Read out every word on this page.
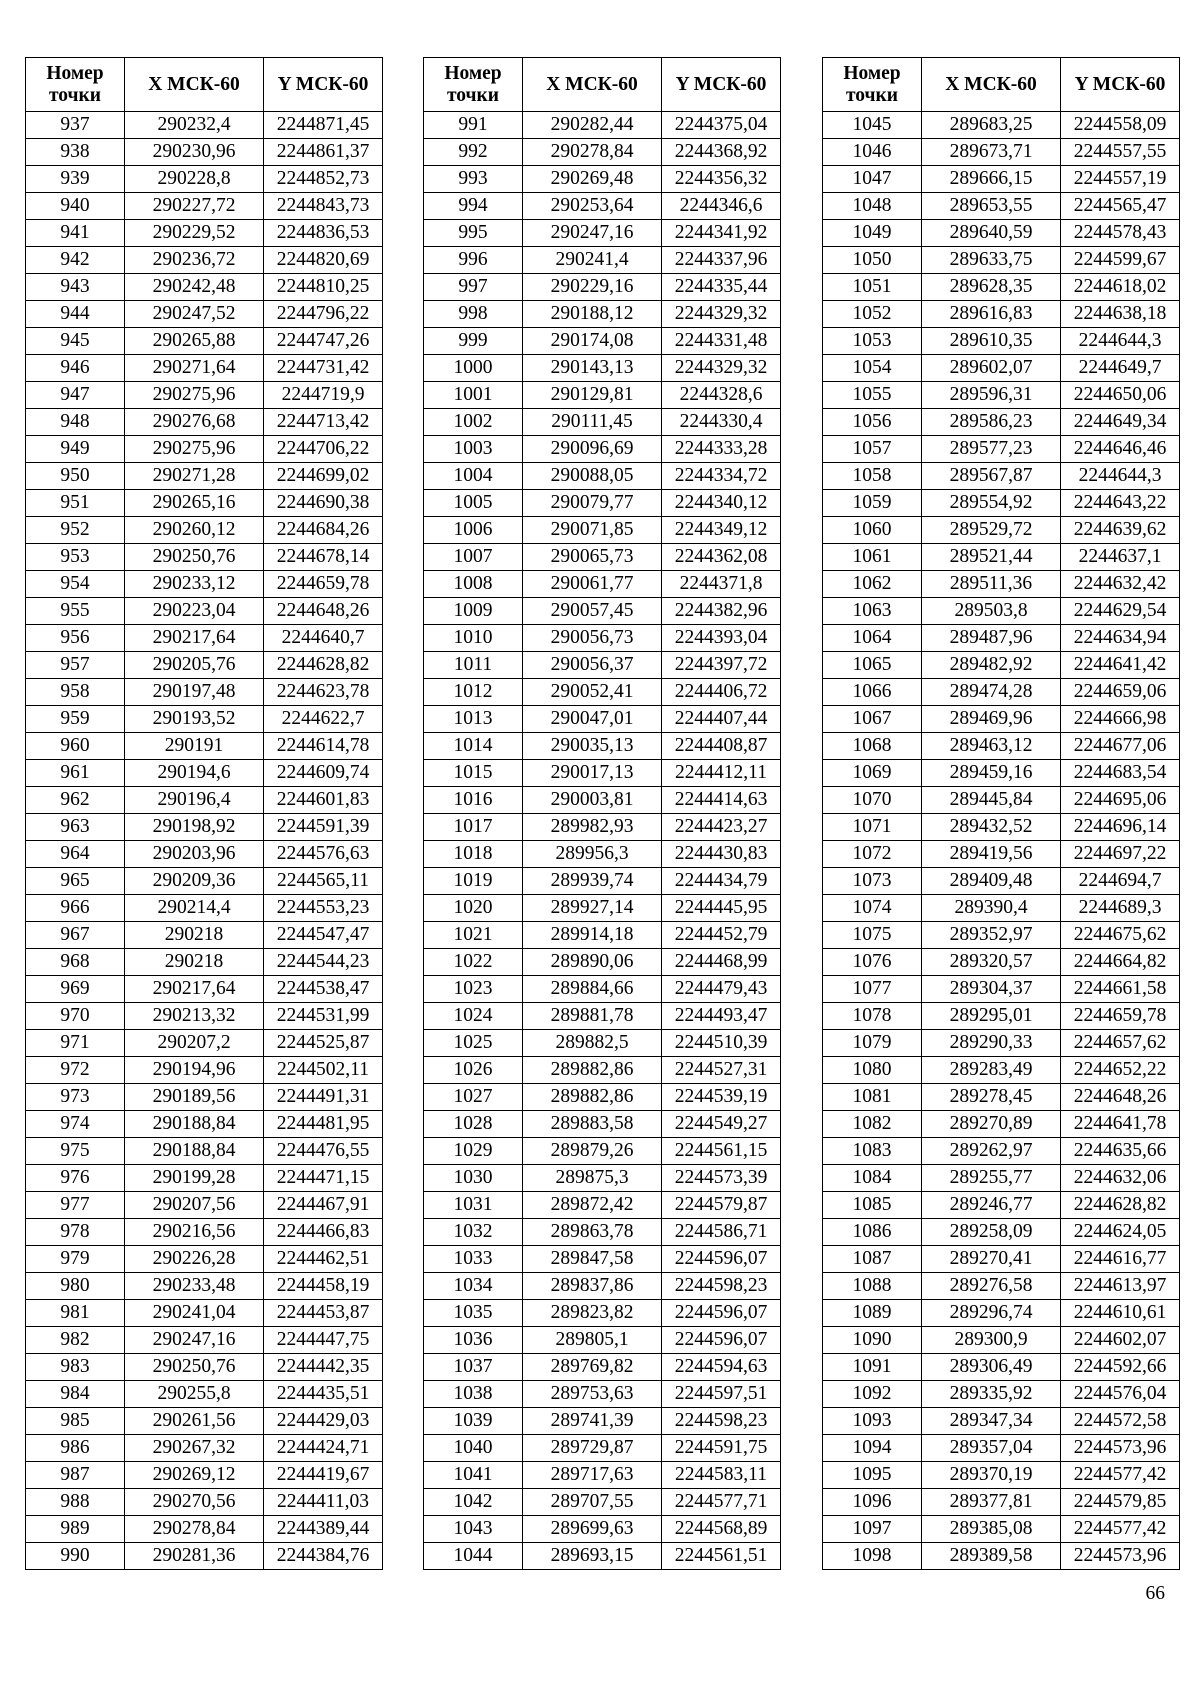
Номер точки	X МСК-60	Y МСК-60
937	290232,4	2244871,45
938	290230,96	2244861,37
939	290228,8	2244852,73
940	290227,72	2244843,73
941	290229,52	2244836,53
942	290236,72	2244820,69
943	290242,48	2244810,25
944	290247,52	2244796,22
945	290265,88	2244747,26
946	290271,64	2244731,42
947	290275,96	2244719,9
948	290276,68	2244713,42
949	290275,96	2244706,22
950	290271,28	2244699,02
951	290265,16	2244690,38
952	290260,12	2244684,26
953	290250,76	2244678,14
954	290233,12	2244659,78
955	290223,04	2244648,26
956	290217,64	2244640,7
957	290205,76	2244628,82
958	290197,48	2244623,78
959	290193,52	2244622,7
960	290191	2244614,78
961	290194,6	2244609,74
962	290196,4	2244601,83
963	290198,92	2244591,39
964	290203,96	2244576,63
965	290209,36	2244565,11
966	290214,4	2244553,23
967	290218	2244547,47
968	290218	2244544,23
969	290217,64	2244538,47
970	290213,32	2244531,99
971	290207,2	2244525,87
972	290194,96	2244502,11
973	290189,56	2244491,31
974	290188,84	2244481,95
975	290188,84	2244476,55
976	290199,28	2244471,15
977	290207,56	2244467,91
978	290216,56	2244466,83
979	290226,28	2244462,51
980	290233,48	2244458,19
981	290241,04	2244453,87
982	290247,16	2244447,75
983	290250,76	2244442,35
984	290255,8	2244435,51
985	290261,56	2244429,03
986	290267,32	2244424,71
987	290269,12	2244419,67
988	290270,56	2244411,03
989	290278,84	2244389,44
990	290281,36	2244384,76
Номер точки	X МСК-60	Y МСК-60
991	290282,44	2244375,04
992	290278,84	2244368,92
993	290269,48	2244356,32
994	290253,64	2244346,6
995	290247,16	2244341,92
996	290241,4	2244337,96
997	290229,16	2244335,44
998	290188,12	2244329,32
999	290174,08	2244331,48
1000	290143,13	2244329,32
1001	290129,81	2244328,6
1002	290111,45	2244330,4
1003	290096,69	2244333,28
1004	290088,05	2244334,72
1005	290079,77	2244340,12
1006	290071,85	2244349,12
1007	290065,73	2244362,08
1008	290061,77	2244371,8
1009	290057,45	2244382,96
1010	290056,73	2244393,04
1011	290056,37	2244397,72
1012	290052,41	2244406,72
1013	290047,01	2244407,44
1014	290035,13	2244408,87
1015	290017,13	2244412,11
1016	290003,81	2244414,63
1017	289982,93	2244423,27
1018	289956,3	2244430,83
1019	289939,74	2244434,79
1020	289927,14	2244445,95
1021	289914,18	2244452,79
1022	289890,06	2244468,99
1023	289884,66	2244479,43
1024	289881,78	2244493,47
1025	289882,5	2244510,39
1026	289882,86	2244527,31
1027	289882,86	2244539,19
1028	289883,58	2244549,27
1029	289879,26	2244561,15
1030	289875,3	2244573,39
1031	289872,42	2244579,87
1032	289863,78	2244586,71
1033	289847,58	2244596,07
1034	289837,86	2244598,23
1035	289823,82	2244596,07
1036	289805,1	2244596,07
1037	289769,82	2244594,63
1038	289753,63	2244597,51
1039	289741,39	2244598,23
1040	289729,87	2244591,75
1041	289717,63	2244583,11
1042	289707,55	2244577,71
1043	289699,63	2244568,89
1044	289693,15	2244561,51
Номер точки	X МСК-60	Y МСК-60
1045	289683,25	2244558,09
1046	289673,71	2244557,55
1047	289666,15	2244557,19
1048	289653,55	2244565,47
1049	289640,59	2244578,43
1050	289633,75	2244599,67
1051	289628,35	2244618,02
1052	289616,83	2244638,18
1053	289610,35	2244644,3
1054	289602,07	2244649,7
1055	289596,31	2244650,06
1056	289586,23	2244649,34
1057	289577,23	2244646,46
1058	289567,87	2244644,3
1059	289554,92	2244643,22
1060	289529,72	2244639,62
1061	289521,44	2244637,1
1062	289511,36	2244632,42
1063	289503,8	2244629,54
1064	289487,96	2244634,94
1065	289482,92	2244641,42
1066	289474,28	2244659,06
1067	289469,96	2244666,98
1068	289463,12	2244677,06
1069	289459,16	2244683,54
1070	289445,84	2244695,06
1071	289432,52	2244696,14
1072	289419,56	2244697,22
1073	289409,48	2244694,7
1074	289390,4	2244689,3
1075	289352,97	2244675,62
1076	289320,57	2244664,82
1077	289304,37	2244661,58
1078	289295,01	2244659,78
1079	289290,33	2244657,62
1080	289283,49	2244652,22
1081	289278,45	2244648,26
1082	289270,89	2244641,78
1083	289262,97	2244635,66
1084	289255,77	2244632,06
1085	289246,77	2244628,82
1086	289258,09	2244624,05
1087	289270,41	2244616,77
1088	289276,58	2244613,97
1089	289296,74	2244610,61
1090	289300,9	2244602,07
1091	289306,49	2244592,66
1092	289335,92	2244576,04
1093	289347,34	2244572,58
1094	289357,04	2244573,96
1095	289370,19	2244577,42
1096	289377,81	2244579,85
1097	289385,08	2244577,42
1098	289389,58	2244573,96
66
